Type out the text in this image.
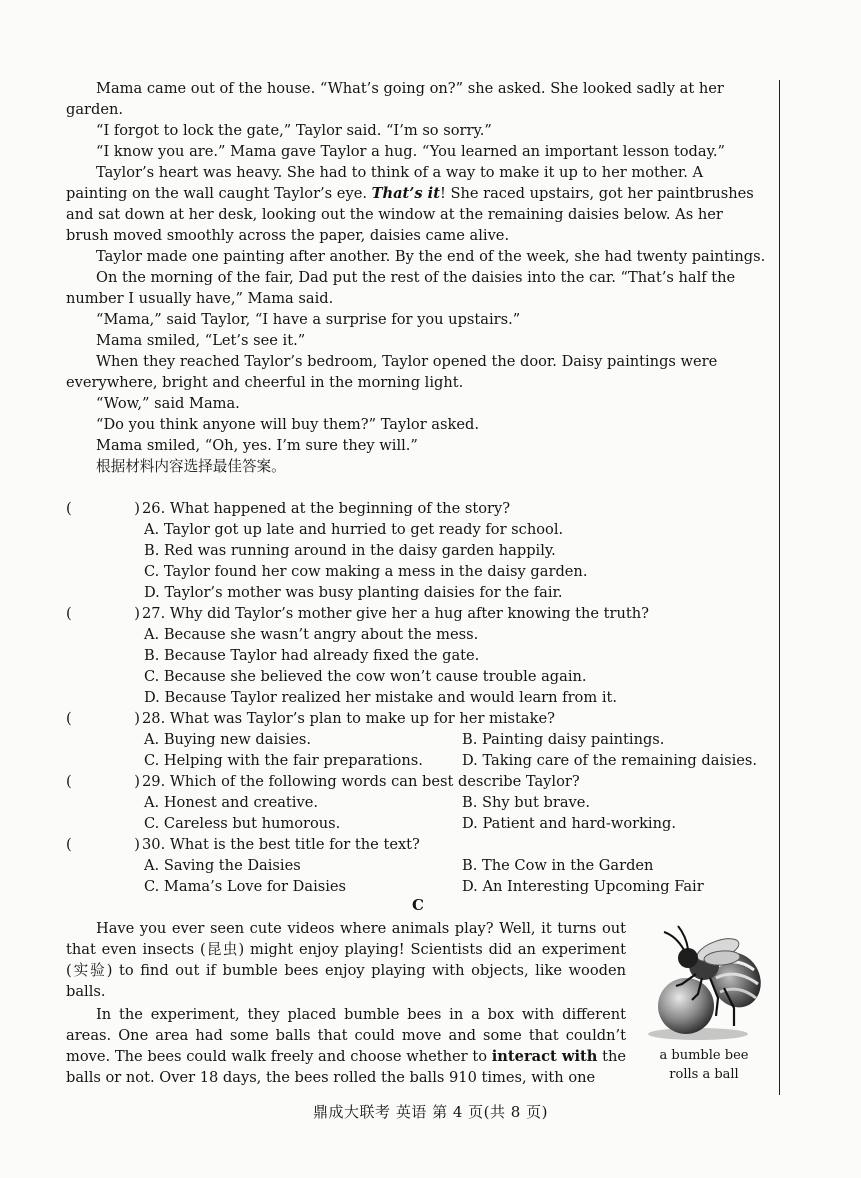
Mama came out of the house. “What’s going on?” she asked. She looked sadly at her garden.

“I forgot to lock the gate,” Taylor said. “I’m so sorry.”

“I know you are.” Mama gave Taylor a hug. “You learned an important lesson today.”

Taylor’s heart was heavy. She had to think of a way to make it up to her mother. A painting on the wall caught Taylor’s eye. That’s it! She raced upstairs, got her paintbrushes and sat down at her desk, looking out the window at the remaining daisies below. As her brush moved smoothly across the paper, daisies came alive.

Taylor made one painting after another. By the end of the week, she had twenty paintings.

On the morning of the fair, Dad put the rest of the daisies into the car. “That’s half the number I usually have,” Mama said.

“Mama,” said Taylor, “I have a surprise for you upstairs.”

Mama smiled, “Let’s see it.”

When they reached Taylor’s bedroom, Taylor opened the door. Daisy paintings were everywhere, bright and cheerful in the morning light.

“Wow,” said Mama.

“Do you think anyone will buy them?” Taylor asked.

Mama smiled, “Oh, yes. I’m sure they will.”

根据材料内容选择最佳答案。

(	) 26 . What happened at the beginning of the story?
A. Taylor got up late and hurried to get ready for school.
B. Red was running around in the daisy garden happily.
C. Taylor found her cow making a mess in the daisy garden.
D. Taylor’s mother was busy planting daisies for the fair.
(	) 27 . Why did Taylor’s mother give her a hug after knowing the truth?
A. Because she wasn’t angry about the mess.
B. Because Taylor had already fixed the gate.
C. Because she believed the cow won’t cause trouble again.
D. Because Taylor realized her mistake and would learn from it.
(	) 28 . What was Taylor’s plan to make up for her mistake?
A. Buying new daisies.	B. Painting daisy paintings.
C. Helping with the fair preparations.	D. Taking care of the remaining daisies.
(	) 29 . Which of the following words can best describe Taylor?
A. Honest and creative.	B. Shy but brave.
C. Careless but humorous.	D. Patient and hard-working.
(	) 30 . What is the best title for the text?
A. Saving the Daisies	B. The Cow in the Garden
C. Mama’s Love for Daisies	D. An Interesting Upcoming Fair
C

Have you ever seen cute videos where animals play? Well, it turns out that even insects (昆虫) might enjoy playing! Scientists did an experiment (实验) to find out if bumble bees enjoy playing with objects, like wooden balls.

In the experiment, they placed bumble bees in a box with different areas. One area had some balls that could move and some that couldn’t move. The bees could walk freely and choose whether to interact with the balls or not. Over 18 days, the bees rolled the balls 910 times, with one

a bumble bee
rolls a ball
鼎成大联考 英语 第 4 页(共 8 页)
